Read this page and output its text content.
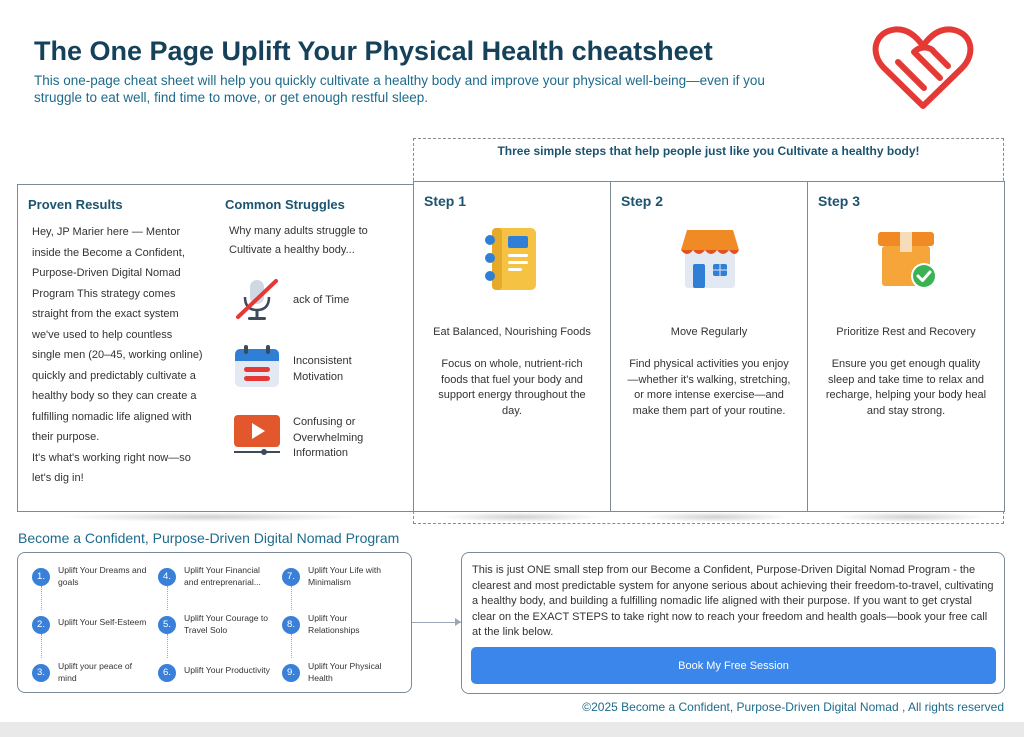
The One Page Uplift Your Physical Health cheatsheet
This one-page cheat sheet will help you quickly cultivate a healthy body and improve your physical well-being—even if you struggle to eat well, find time to move, or get enough restful sleep.
Three simple steps that help people just like you Cultivate a healthy body!
Step 1
Eat Balanced, Nourishing Foods
Focus on whole, nutrient-rich foods that fuel your body and support energy throughout the day.
Step 2
Move Regularly
Find physical activities you enjoy—whether it's walking, stretching, or more intense exercise—and make them part of your routine.
Step 3
Prioritize Rest and Recovery
Ensure you get enough quality sleep and take time to relax and recharge, helping your body heal and stay strong.
Proven Results
Hey, JP Marier here — Mentor inside the Become a Confident, Purpose-Driven Digital Nomad Program This strategy comes straight from the exact system we've used to help countless single men (20–45, working online) quickly and predictably cultivate a healthy body so they can create a fulfilling nomadic life aligned with their purpose.
It's what's working right now—so let's dig in!
Common Struggles
Why many adults struggle to Cultivate a healthy body...
ack of Time
Inconsistent Motivation
Confusing or Overwhelming Information
Become a Confident, Purpose-Driven Digital Nomad Program
1.
Uplift Your Dreams and goals
2.	Uplift Your Self-Esteem
3.
Uplift your peace of mind
4.
Uplift Your Financial and entreprenarial...
5.
Uplift Your Courage to Travel Solo
6.	Uplift Your Productivity
7.
Uplift Your Life with Minimalism
8.
Uplift Your Relationships
9.
Uplift Your Physical Health
This is just ONE small step from our Become a Confident, Purpose-Driven Digital Nomad Program - the clearest and most predictable system for anyone serious about achieving their freedom-to-travel, cultivating a healthy body, and building a fulfilling nomadic life aligned with their purpose. If you want to get crystal clear on the EXACT STEPS to take right now to reach your freedom and health goals—book your free call at the link below.
Book My Free Session
©2025 Become a Confident, Purpose-Driven Digital Nomad , All rights reserved
